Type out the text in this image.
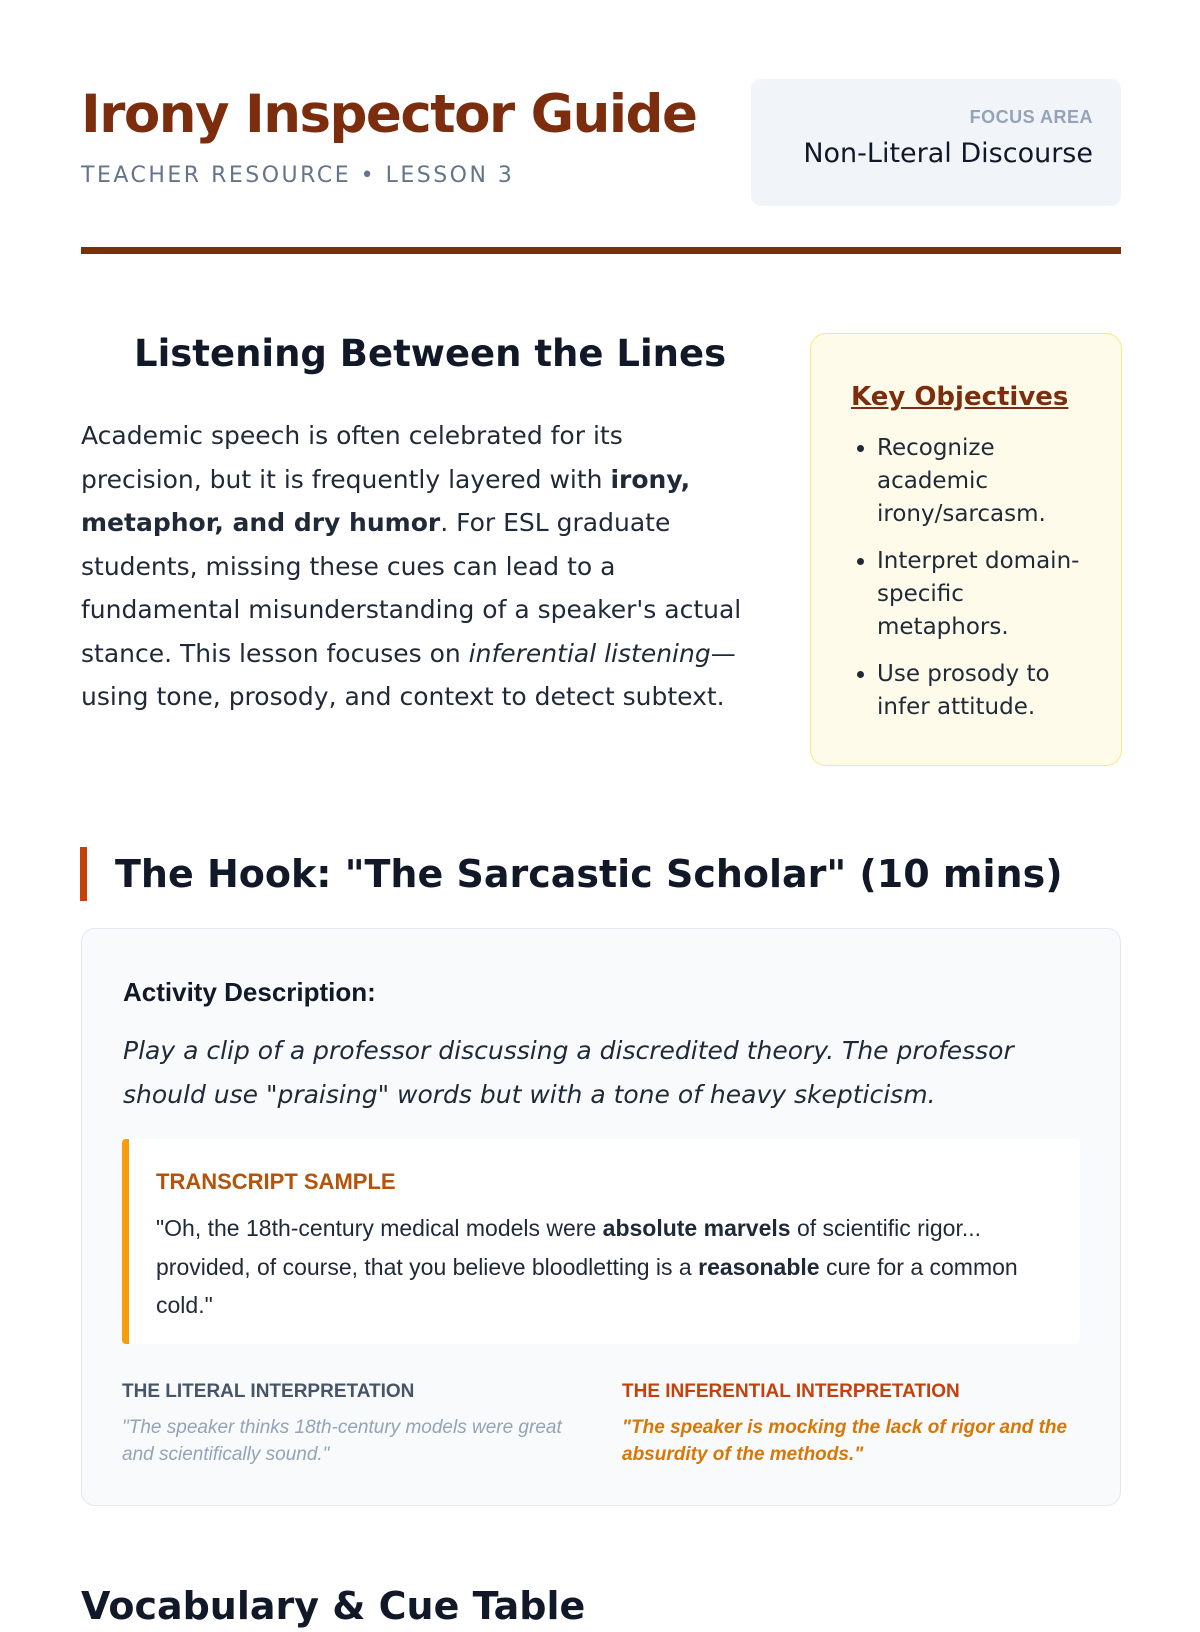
Irony Inspector Guide
TEACHER RESOURCE • LESSON 3
FOCUS AREA
Non-Literal Discourse
Listening Between the Lines

Academic speech is often celebrated for its precision, but it is frequently layered with irony, metaphor, and dry humor. For ESL graduate students, missing these cues can lead to a fundamental misunderstanding of a speaker's actual stance. This lesson focuses on inferential listening—using tone, prosody, and context to detect subtext.

Key Objectives
• Recognize academic irony/sarcasm.
• Interpret domain-specific metaphors.
• Use prosody to infer attitude.
The Hook: "The Sarcastic Scholar" (10 mins)
Activity Description:

Play a clip of a professor discussing a discredited theory. The professor should use "praising" words but with a tone of heavy skepticism.

TRANSCRIPT SAMPLE

"Oh, the 18th-century medical models were absolute marvels of scientific rigor... provided, of course, that you believe bloodletting is a reasonable cure for a common cold."

THE LITERAL INTERPRETATION

"The speaker thinks 18th-century models were great and scientifically sound."

THE INFERENTIAL INTERPRETATION

"The speaker is mocking the lack of rigor and the absurdity of the methods."

Vocabulary & Cue Table
